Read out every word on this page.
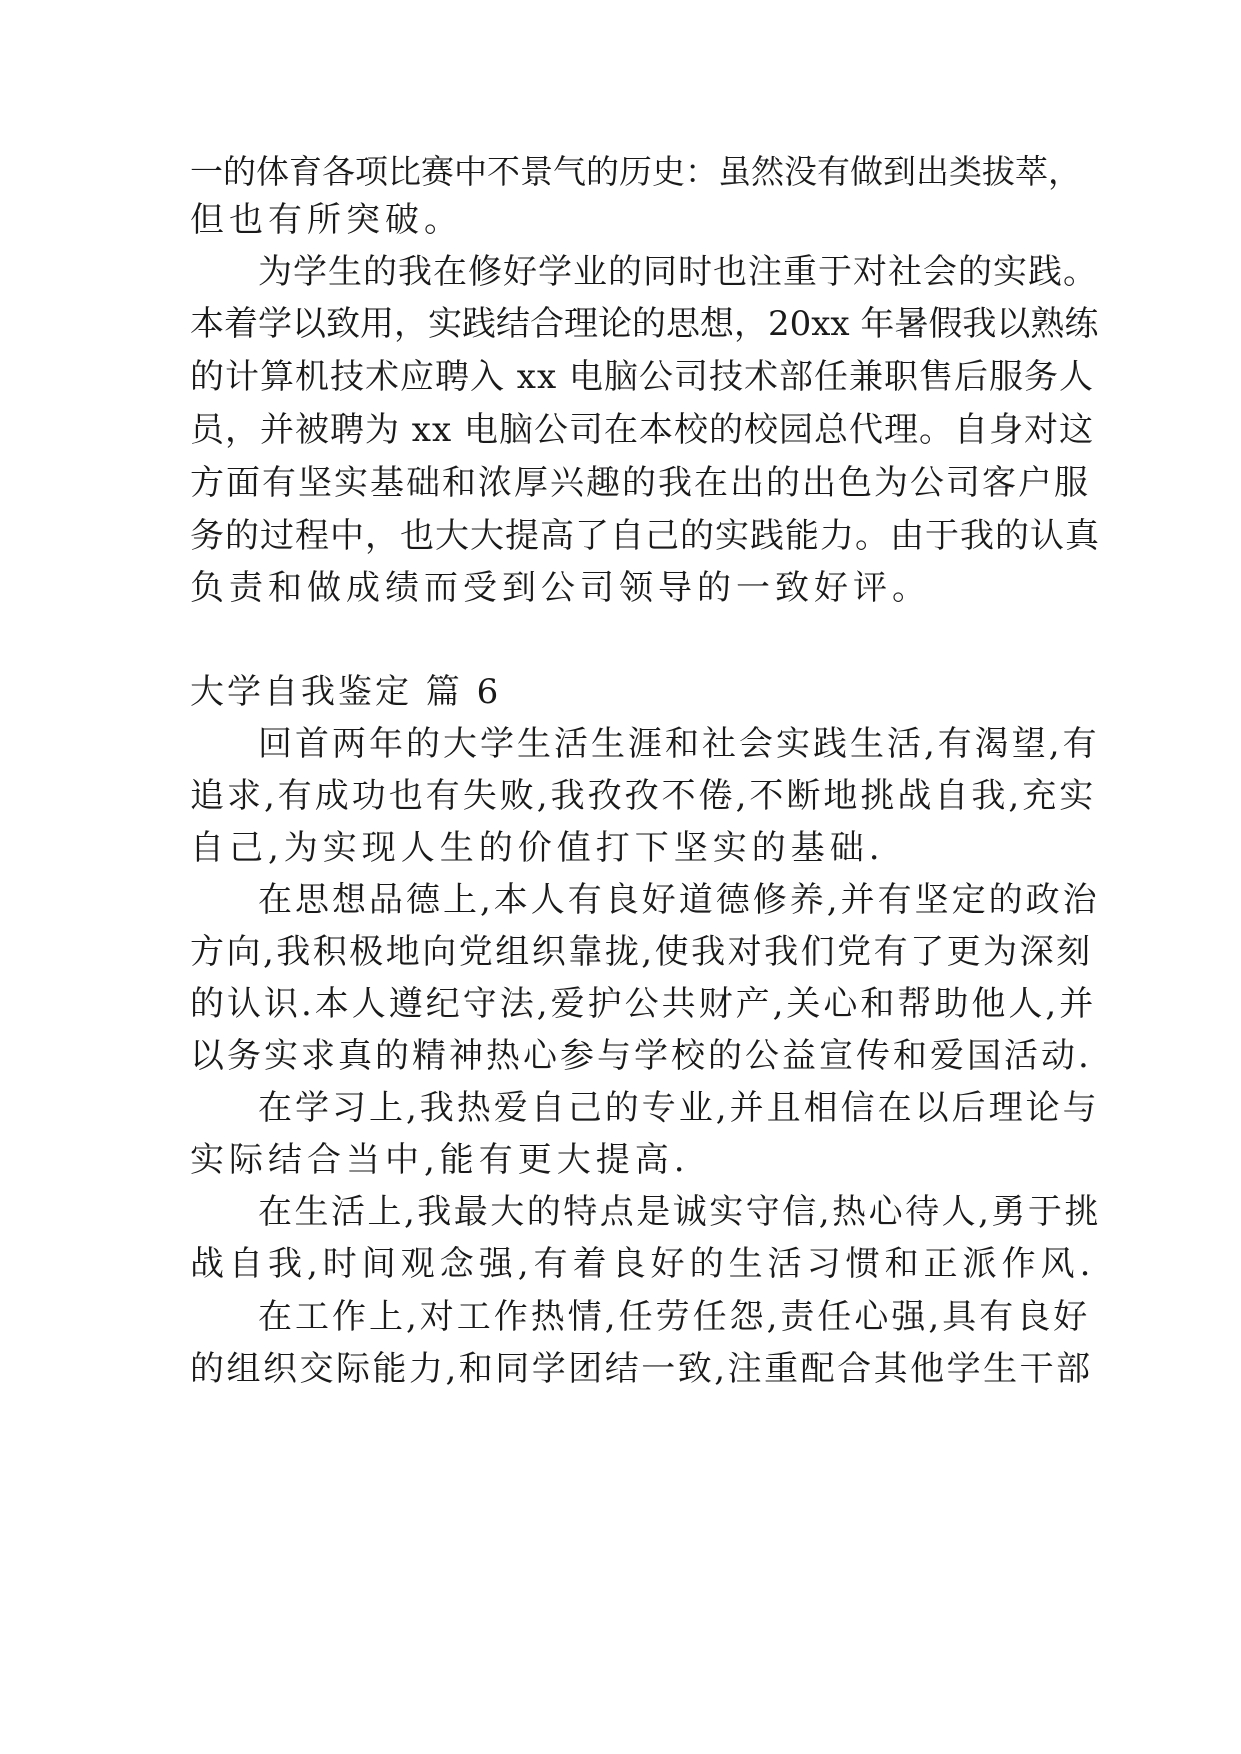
一的体育各项比赛中不景气的历史：虽然没有做到出类拔萃，
但也有所突破。
为学生的我在修好学业的同时也注重于对社会的实践。
本着学以致用，实践结合理论的思想，20xx 年暑假我以熟练
的计算机技术应聘入 xx 电脑公司技术部任兼职售后服务人
员，并被聘为 xx 电脑公司在本校的校园总代理。自身对这
方面有坚实基础和浓厚兴趣的我在出的出色为公司客户服
务的过程中，也大大提高了自己的实践能力。由于我的认真
负责和做成绩而受到公司领导的一致好评。
大学自我鉴定 篇 6
回首两年的大学生活生涯和社会实践生活,有渴望,有
追求,有成功也有失败,我孜孜不倦,不断地挑战自我,充实
自己,为实现人生的价值打下坚实的基础.
在思想品德上,本人有良好道德修养,并有坚定的政治
方向,我积极地向党组织靠拢,使我对我们党有了更为深刻
的认识.本人遵纪守法,爱护公共财产,关心和帮助他人,并
以务实求真的精神热心参与学校的公益宣传和爱国活动.
在学习上,我热爱自己的专业,并且相信在以后理论与
实际结合当中,能有更大提高.
在生活上,我最大的特点是诚实守信,热心待人,勇于挑
战自我,时间观念强,有着良好的生活习惯和正派作风.
在工作上,对工作热情,任劳任怨,责任心强,具有良好
的组织交际能力,和同学团结一致,注重配合其他学生干部
